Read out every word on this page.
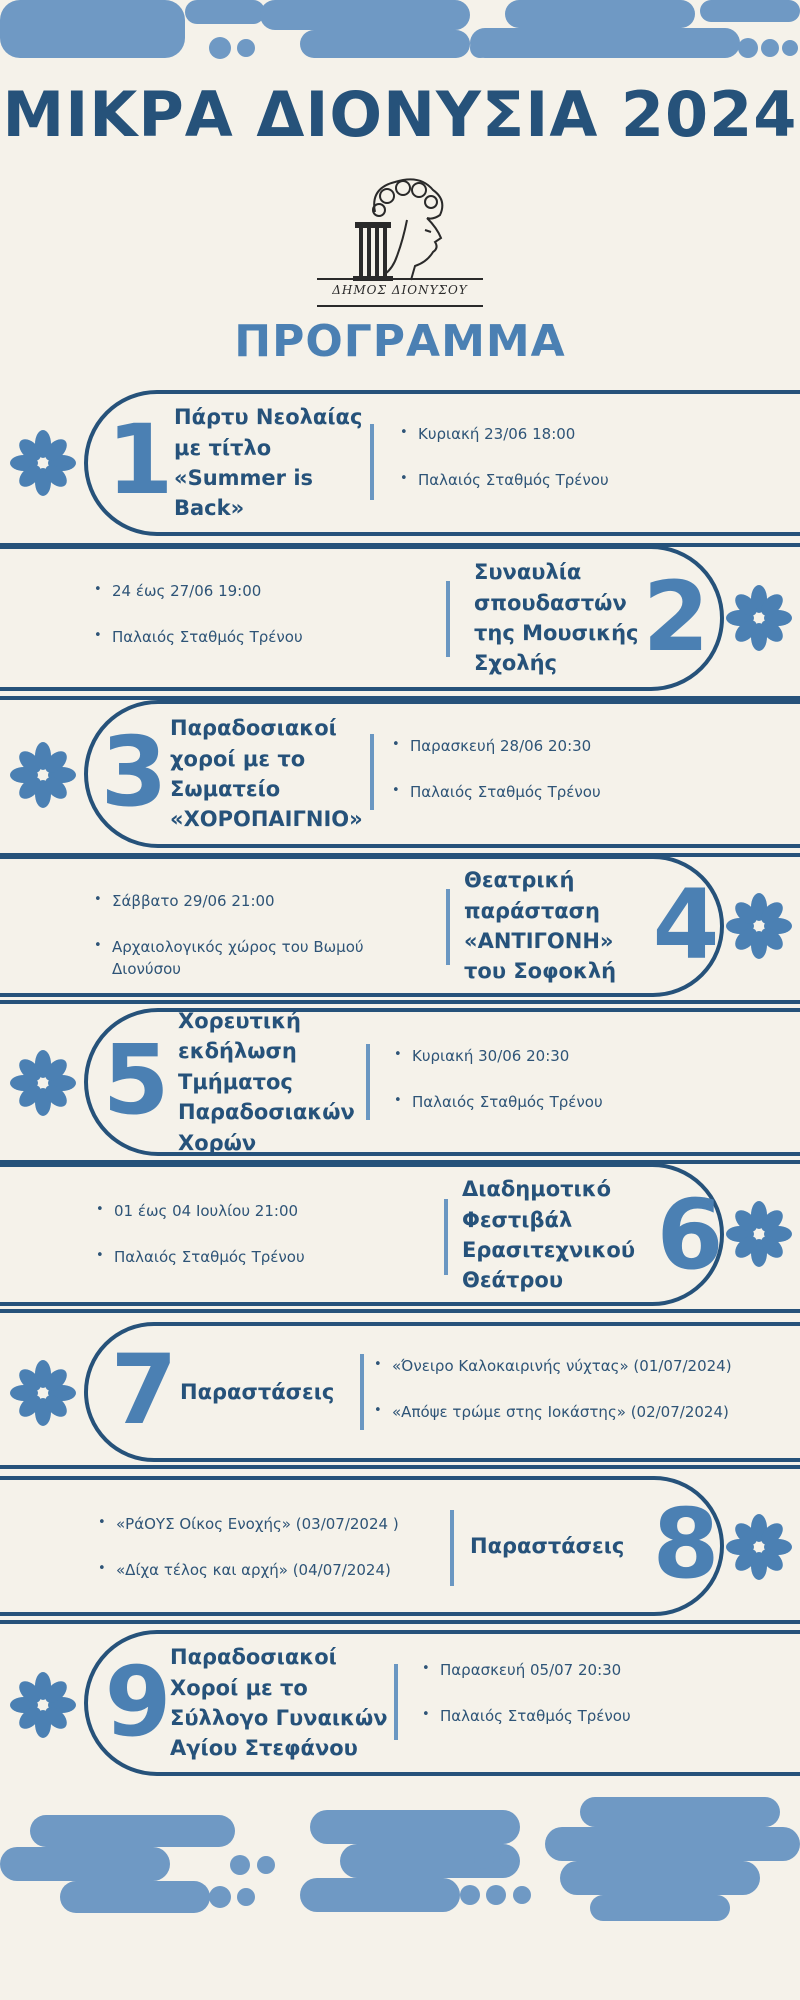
ΜΙΚΡΑ ΔΙΟΝΥΣΙΑ 2024
ΔΗΜΟΣ ΔΙΟΝΥΣΟΥ
ΠΡΟΓΡΑΜΜΑ
1 Πάρτυ Νεολαίας με τίτλο «Summer is Back»
• Κυριακή 23/06 18:00
• Παλαιός Σταθμός Τρένου
• 24 έως 27/06 19:00
• Παλαιός Σταθμός Τρένου
Συναυλία σπουδαστών της Μουσικής Σχολής 2
3 Παραδοσιακοί χοροί με το Σωματείο «ΧΟΡΟΠΑΙΓΝΙΟ»
• Παρασκευή 28/06 20:30
• Παλαιός Σταθμός Τρένου
• Σάββατο 29/06 21:00
• Αρχαιολογικός χώρος του Βωμού Διονύσου
Θεατρική παράσταση «ΑΝΤΙΓΟΝΗ» του Σοφοκλή 4
5
Χορευτική εκδήλωση Τμήματος Παραδοσιακών Χορών
• Κυριακή 30/06 20:30
• Παλαιός Σταθμός Τρένου
• 01 έως 04 Ιουλίου 21:00
• Παλαιός Σταθμός Τρένου
Διαδημοτικό Φεστιβάλ Ερασιτεχνικού Θεάτρου 6
7 Παραστάσεις
• «Όνειρο Καλοκαιρινής νύχτας» (01/07/2024)
• «Απόψε τρώμε στης Ιοκάστης» (02/07/2024)
• «ΡάΟΥΣ Οίκος Ενοχής» (03/07/2024 )
• «Δίχα τέλος και αρχή» (04/07/2024)
Παραστάσεις 8
9
Παραδοσιακοί Χοροί με το Σύλλογο Γυναικών Αγίου Στεφάνου
• Παρασκευή 05/07 20:30
• Παλαιός Σταθμός Τρένου
